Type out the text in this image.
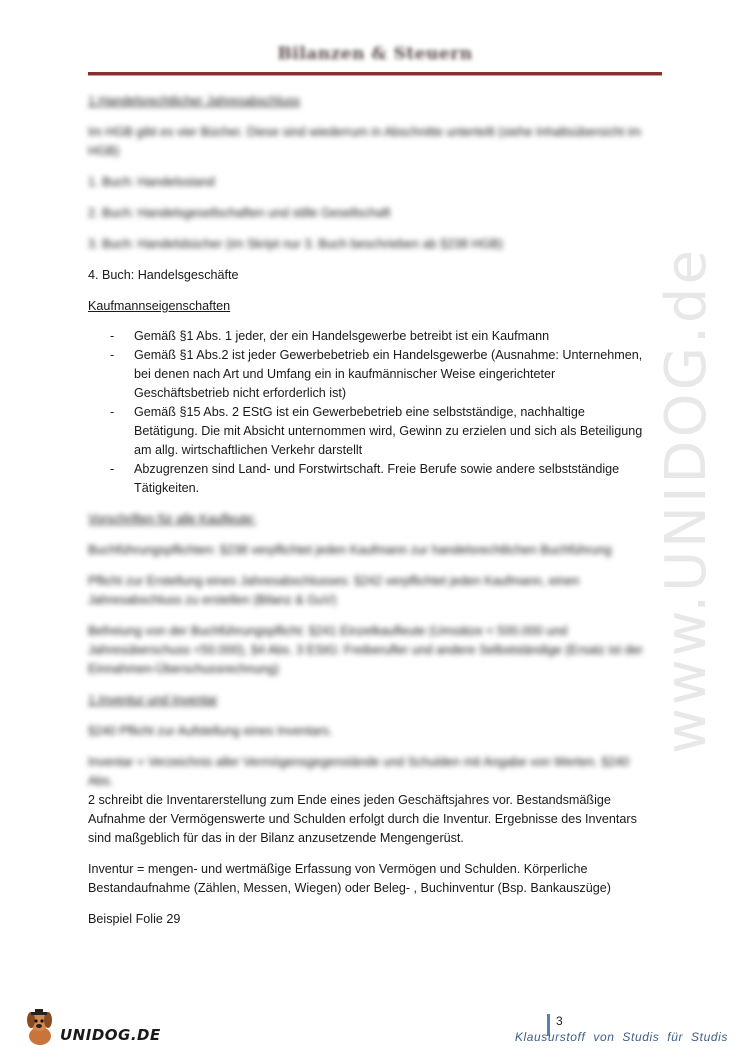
Bilanzen & Steuern
www.UNIDOG.de

1.Handelsrechtlicher Jahresabschluss

Im HGB gibt es vier Bücher. Diese sind wiederrum in Abschnitte unterteilt (siehe Inhaltsübersicht im HGB)

1. Buch: Handelsstand

2. Buch: Handelsgesellschaften und stille Gesellschaft

3. Buch: Handelsbücher (im Skript nur 3. Buch beschrieben ab §238 HGB)

4. Buch: Handelsgeschäfte

Kaufmannseigenschaften

- Gemäß §1 Abs. 1 jeder, der ein Handelsgewerbe betreibt ist ein Kaufmann
- Gemäß §1 Abs.2 ist jeder Gewerbebetrieb ein Handelsgewerbe (Ausnahme: Unternehmen, bei denen nach Art und Umfang ein in kaufmännischer Weise eingerichteter Geschäftsbetrieb nicht erforderlich ist)
- Gemäß §15 Abs. 2 EStG ist ein Gewerbebetrieb eine selbstständige, nachhaltige Betätigung. Die mit Absicht unternommen wird, Gewinn zu erzielen und sich als Beteiligung am allg. wirtschaftlichen Verkehr darstellt
- Abzugrenzen sind Land- und Forstwirtschaft. Freie Berufe sowie andere selbstständige Tätigkeiten.

Vorschriften für alle Kaufleute:

Buchführungspflichten: §238 verpflichtet jeden Kaufmann zur handelsrechtlichen Buchführung

Pflicht zur Erstellung eines Jahresabschlusses: §242 verpflichtet jeden Kaufmann, einen Jahresabschluss zu erstellen (Bilanz & GuV)

Befreiung von der Buchführungspflicht: §241 Einzelkaufleute (Umsätze < 500.000 und Jahresüberschuss <50.000), §4 Abs. 3 EStG: Freiberufler und andere Selbstständige (Ersatz ist der Einnahmen-Überschussrechnung)

1.Inventur und Inventar

§240 Pflicht zur Aufstellung eines Inventars.

Inventar = Verzeichnis aller Vermögensgegenstände und Schulden mit Angabe von Werten. §240 Abs.

2 schreibt die Inventarerstellung zum Ende eines jeden Geschäftsjahres vor. Bestandsmäßige Aufnahme der Vermögenswerte und Schulden erfolgt durch die Inventur. Ergebnisse des Inventars sind maßgeblich für das in der Bilanz anzusetzende Mengengerüst.

Inventur = mengen- und wertmäßige Erfassung von Vermögen und Schulden. Körperliche Bestandaufnahme (Zählen, Messen, Wiegen) oder Beleg- , Buchinventur (Bsp. Bankauszüge)

Beispiel Folie 29

UNIDOG.DE
3
Klausurstoff von Studis für Studis
